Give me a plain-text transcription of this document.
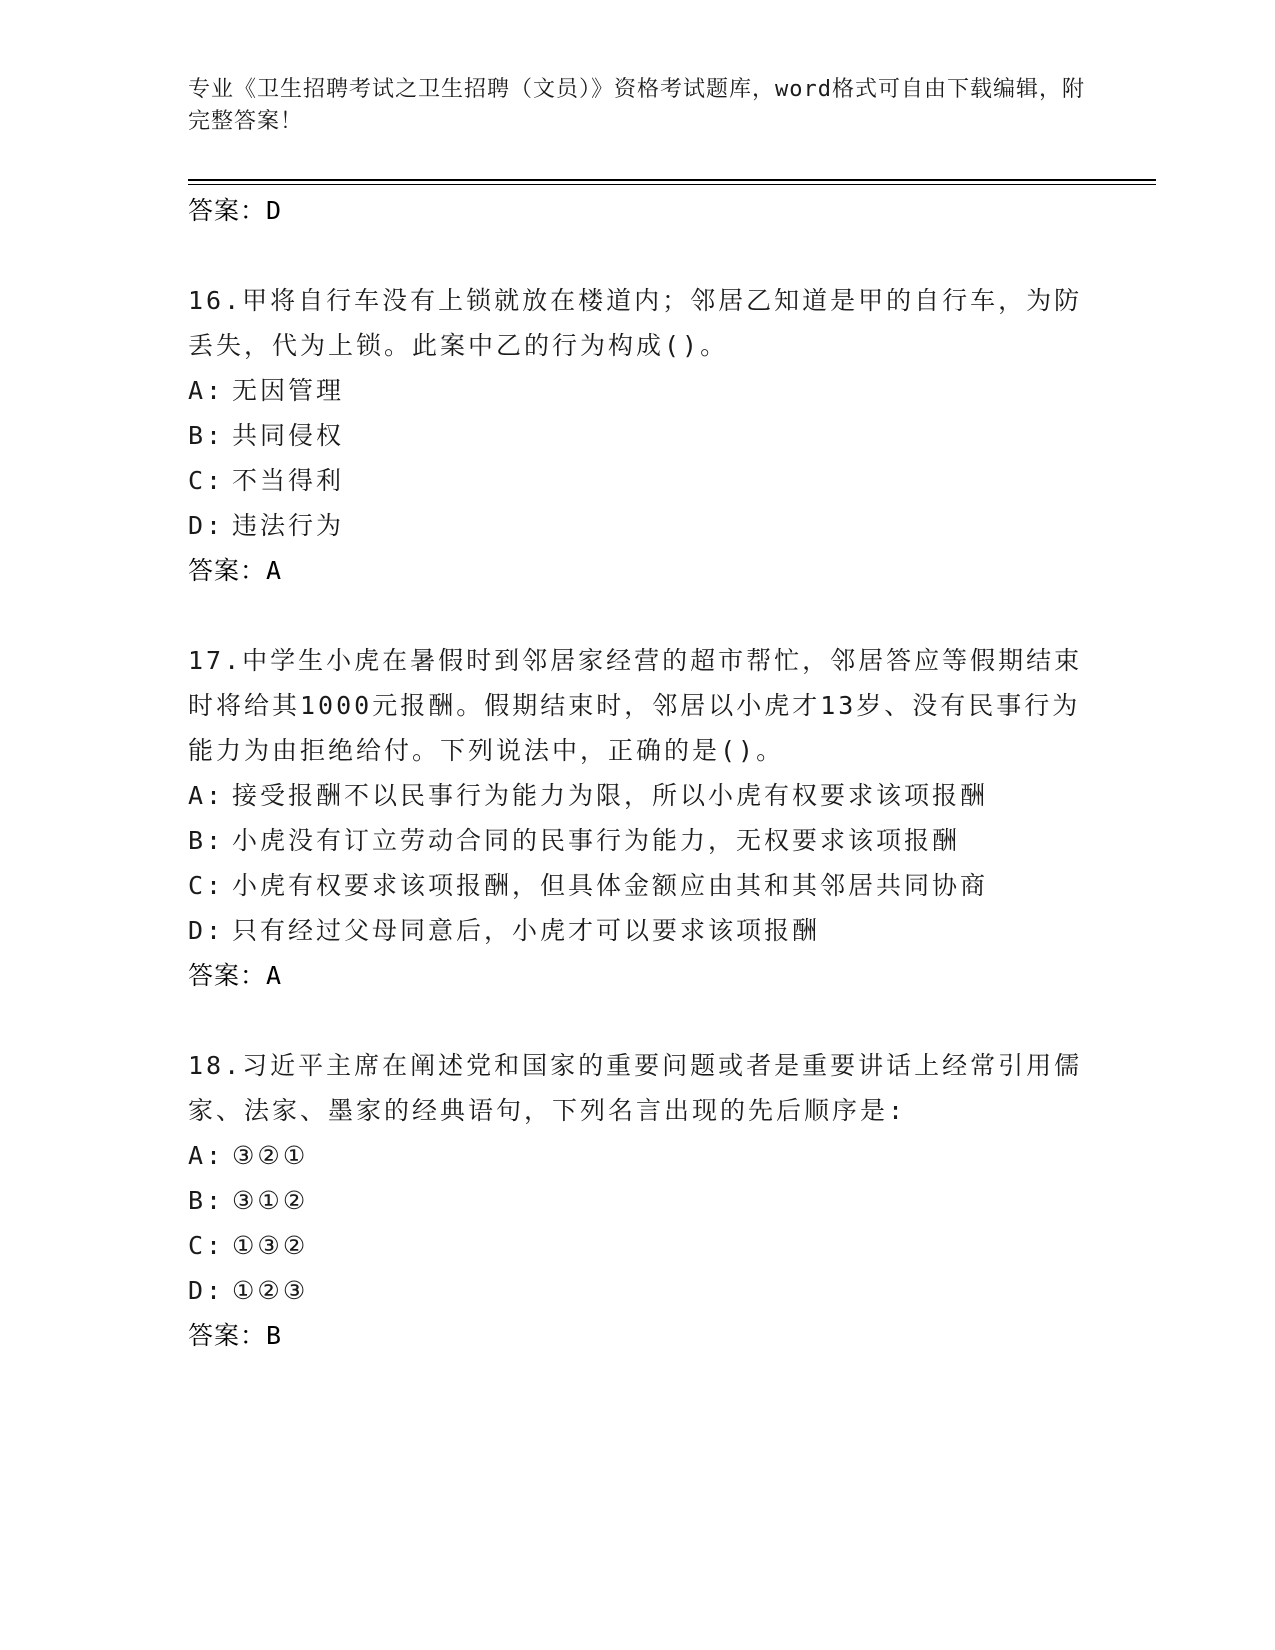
专业《卫生招聘考试之卫生招聘（文员）》资格考试题库，word格式可自由下载编辑，附完整答案！
答案：D
16.甲将自行车没有上锁就放在楼道内；邻居乙知道是甲的自行车，为防丢失，代为上锁。此案中乙的行为构成()。
A: 无因管理
B: 共同侵权
C: 不当得利
D: 违法行为
答案：A
17.中学生小虎在暑假时到邻居家经营的超市帮忙，邻居答应等假期结束时将给其1000元报酬。假期结束时，邻居以小虎才13岁、没有民事行为能力为由拒绝给付。下列说法中，正确的是()。
A: 接受报酬不以民事行为能力为限，所以小虎有权要求该项报酬
B: 小虎没有订立劳动合同的民事行为能力，无权要求该项报酬
C: 小虎有权要求该项报酬，但具体金额应由其和其邻居共同协商
D: 只有经过父母同意后，小虎才可以要求该项报酬
答案：A
18.习近平主席在阐述党和国家的重要问题或者是重要讲话上经常引用儒家、法家、墨家的经典语句，下列名言出现的先后顺序是:
A: ③②①
B: ③①②
C: ①③②
D: ①②③
答案：B
